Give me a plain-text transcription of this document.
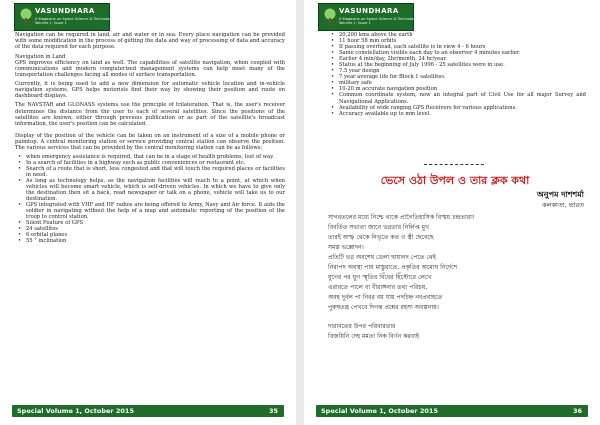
VASUNDHARA
A Magazine on Space Science & Technology
Volume 1, Issue 1

Navigation can be required in land, air and water or in sea. Every place navigation can be provided with some modification in the process of getting the data and way of processing of data and accuracy of the data required for each purpose.

Navigation in Land

GPS improves efficiency on land as well. The capabilities of satellite navigation, when coupled with communications and modern computerized management systems can help meet many of the transportation challenges facing all modes of surface transportation.

Currently, it is being used to add a new dimension for automatic vehicle location and in-vehicle navigation systems. GPS helps motorists find their way by showing their position and route on dashboard displays.

The NAVSTAR and GLONASS systems use the principle of trilateration. That is, the user's receiver determines the distance from the user to each of several satellites. Since the positions of the satellites are known, either through previous publication or as part of the satellite's broadcast information, the user's position can be calculated.

Display of the position of the vehicle can be taken on an instrument of a size of a mobile phone or palmtop. A central monitoring station or service providing central station can observe the position. The various services that can be provided by the central monitoring station can be as follows:

• when emergency assistance is required, that can be in a stage of health problems, lost of way.
• In a search of facilities in a highway such as public conveniences or restaurant etc.
• Search of a route that is short, less congested and that will touch the required places or facilities in need.
• As long as technology helps, as the navigation facilities will reach to a point, at which when vehicles will become smart vehicle, which is self-driven vehicles. In which we have to give only the destination then sit a back, read newspaper or talk on a phone, vehicle will take us to our destination.
• GPS integrated with VHF and HF radios are being offered to Army, Navy and Air force. It aids the soldier in navigating without the help of a map and automatic reporting of the position of the troop to control station.
• Silent Feature of GPS
• 24 satellites
• 6 orbital planes
• 55 ° inclination
Special Volume 1, October 2015	35
VASUNDHARA
A Magazine on Space Science & Technology
Volume 1, Issue 1
• 20,200 kms above the earth
• 11 hour 58 min orbits
• If passing overhead, each satellite is in view 4 - 6 hours
• Same constellation visible each day to an observer 4 minutes earlier.
• Earlier 4 min/day, 2hr/month, 24 hr/year.
• Status at the beginning of July 1996 - 25 satellites were in use.
• 7.5 year design
• 7 year average life for Block 1 satellites.
• military safe
• 10-20 m accurate navigation position
• Common coordinate system, now an integral part of Civil Use for all major Survey and Navigational Applications.
• Availability of wide ranging GPS Receivers for various applications.
• Accuracy available up to mm level.
ভেসে ওঠা উপল ও তার ক্লক কথা
অনুপম দাশশর্মা
কলকাতা, ভারত
সাগরতলের মধ্যে নিশ্চে থাকে প্রাগৈতিহাসিক বিস্ময় চন্দ্রতারা!
বিবর্তিত সভ্যতা জানে ভগ্নতার নির্লিপ্ত মুখ
তারই অস্ফ থেকে নিভৃতে কত ও স্ত্রী ছেবেছে
সমস্ত ভল্লোদন।
প্রতিটি ভগ্ন অবশেষ ডেলা ছায়ানদ পেতে থেই
নিরাপদ অবস্থা পায় মাস্তুরাতে, প্রকৃতির অমোঘ নির্দেশে
যুগের পর যুগ স্মৃতির বিঁধের হিঁস্টোরে লেখে
এরারতে পালে বা বীরাঙ্গনার তথ্য পরিচয়,
অবহ দুর্বল পা নিবর বয় যায় পদচিহ্ন নবপ্রবাহতে
পুরুষতন্ত্র পেখবে দিগন্ত প্রশ্নের রহস্য অবল্পনায়।
দারাবতের উপর পরিবারতার
বিজয়িনি দেহ মমতা নিক বির্ণন করবাই
Special Volume 1, October 2015	36
